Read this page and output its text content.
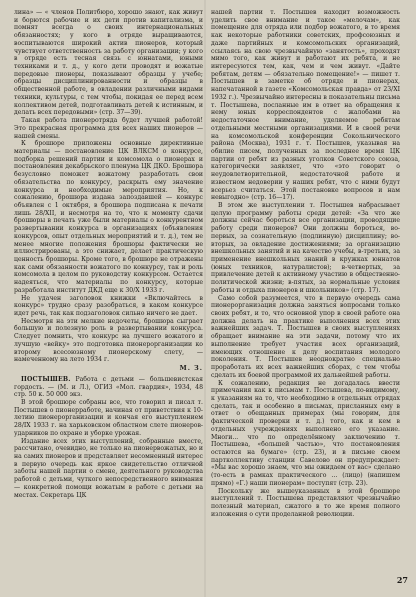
лина» — « членов Политбюро, хорошо знают, как живут и борются рабочие и их дети против капитализма, и помнят всегда о своих интернациональных обязанностях; у кого в отряде выращиваются, воспитываются широкий актив пионеров, который чувствует ответственность за работу организации; у кого в отряде есть тесная связь с юннатами, юными техниками и т. д., у кого дети проводят и вожатые передовые пионеры, показывают образцы у учебе; образцы дисциплинированности и образцы в общественной работе, в овладении различными видами техники, культуры, с тем чтобы, покидая ее перед всем коллективом детей, подготавливать детей к истинным, и делать всех передовыми» (стр. 37—39).

Такая работа пионеротряда будет лучшей работой! Это прекрасная программа для всех наших пионеров — нашей смены.

К брошюре приложены основные директивные материалы — постановление ЦК ВЛКСМ о конкурсе, подборка решений партии и комсомола о пионерах и постановления декабрьского пленума ЦК ДКО. Брошюра безусловно поможет вожатому разработать свои обязательства по конкурсу, раскрыть ему значение конкурса и необходимые мероприятия. Но, к сожалению, брошюра издана запоздавшей — конкурс объявлен с 1 октября, в брошюра подписана к печати лишь 28/XII, и несмотря на то, что к моменту сдачи брошюры в печать уже были материалы о конкурентном развертывании конкурса в организациях (объявления конкурсов, опыт отдельных мероприятий и т. д.), тем не менее многие положения брошюры фактически не иллюстрированы, а это снижает, делает практическую ценность брошюры. Кроме того, в брошюре не отражены как сами обязанности вожатого по конкурсу, так и роль комсомола в целом по руководству конкурсом. Остается надеяться, что материалы по конкурсу, которые разработала институт ДКД еще к 30/Х 1933 г.

Не удачен заголовок книжки «Включайтесь в конкурс» трудно сразу разобраться, в каком конкурсе идет речь, так как подзаголовок сильно ничего не дает.

Несмотря на эти мелкие недочеты, брошюра сыграет большую и полезную роль в развертывании конкурса. Следует помнить, что конкурс на лучшего вожатого и лучшую «вейку» это подготовка пионерорганизации ко второму всесоюзному пионерскому слету, — намеченному на лето 1934 г.

М. З.

ПОСТЫШЕВ. Работа с детьми — большевистская гордость. — (М. и Л.), ОГИЗ «Мол. гвардия», 1934, 48 стр. 50 к. 50 000 экз.

В этой брошюре собраны все, что говорил и писал т. Постышев о пионерработе, начиная от приветствия к 10-летию пионерорганизации и кончая его выступлением 28/IX 1933 г. на харьковском областном слете пионеров-ударников по охране и уборке урожая.

Издание всех этих выступлений, собранные вместе, рассчитано, очевидно, не только на пионервожатых, но и на самих пионеров и представляет несомненный интерес в первую очередь как яркое свидетельство отличной заботы нашей партии о смене, деятельного руководства работой с детьми, чуткого непосредственного внимания — конкретной помощи вожатым в работе с детьми на местах. Секретарь ЦК

нашей партии т. Постышев находит возможность уделить свое внимание и такое «мелочам», как помещение для отряда или подбор вожатого, в то время как некоторые работники советских, профсоюзных и даже партийных и комсомольских организаций, ссылаясь на свою чрезвычайную «занятость», проходят мимо того, как живут и работают их ребята, и не интересуются тем, как, чем и чем живут. «Дайте ребятам, детям — обязательно помещение!» — пишет т. Постышев в заметке об отряде и пионерах, напечатанной в газете «Комсомольская правда» от 23/XI 1932 г.). Чрезвычайно интересны в показательны письма т. Постышева, посланные им в ответ на обращения к нему юных корреспондентов с жалобами на недостаточное внимание, уделяемое ребятам отдельными местными организациями. И в своей речи на комсомольской конференции Сокольнического района (Москва), 1931 г. т. Постышев, указывая на обилие писем, полученных за последнее время ЦК партии от ребят из разных уголков Советского союза, категорически заявляет, что «это говорит о неудовлетворительной, недостаточной работе и известном недоверии у наших ребят, что с ними будут всерьез считаться. Этой постановке вопросов и нам невыгодно» (стр. 16—17).

В этом же выступлении т. Постышев набрасывает целую программу работы среди детей: «За что же должны сейчас бороться все организации, проводящие работу среди пионеров? Они должны бороться, во-первых, за сознательную (подлинную) дисциплину; во-вторых, за овладение достижениями; за организацию внешкольных занятий и на качество учебы, в-третьих, за применение внешкольных знаний в кружках юннатов (юных техников, натуралистов); в-четвертых, за привлечение детей к активному участию в общественно-политической жизни; в-пятых, за нормальные условия работы и отдыха пионеров и школьников» (стр. 17).

Само собой разумеется, что в первую очередь сама пионерорганизация должна заняться вопросами только своих ребят, и то, что основной упор в своей работе она должна делать на практике выполнения всех этих важнейших задач. Т. Постышев в своих выступлениях обращает внимание на эти задачи, потому что их выполнение требует участия всех организаций, имеющих отношение к делу воспитания молодого поколения. Т. Постышев неоднократно специально проработать их всех важнейших сборах, с тем чтобы сделать их боевой программой их дальнейшей работы.

К сожалению, редакция не догадалась ввести примечания как к письмам т. Постышева, по-видимому, к указаниям на то, что необходимо в отдельных отрядах сделать, так и особенно в письмах, присланных ему в ответ о обещанных примерах (мы говорим, для фактической проверки и т. д.) того, как и кем в отдельных учреждениях выполнено его указание. Многи... что по определённому заключению т. Постышева, «большей частью», что постановления остаются на бумаге» (стр. 23), и в письме своем партколлективу станции Савелово он предупреждает: «Мы вас хорошо знаем, что мы ожидаем от вас» сделано (то-есть в рамках практического ... (лицо) (напишем прямо) «Г.) наши пионерам» поступят (стр. 23).

Поскольку же вышеуказанных в этой брошюре выступлений т. Постышева представляют чрезвычайно полезный материал, сжатого в то же время полного изложения о сути проделанной революции.

27
